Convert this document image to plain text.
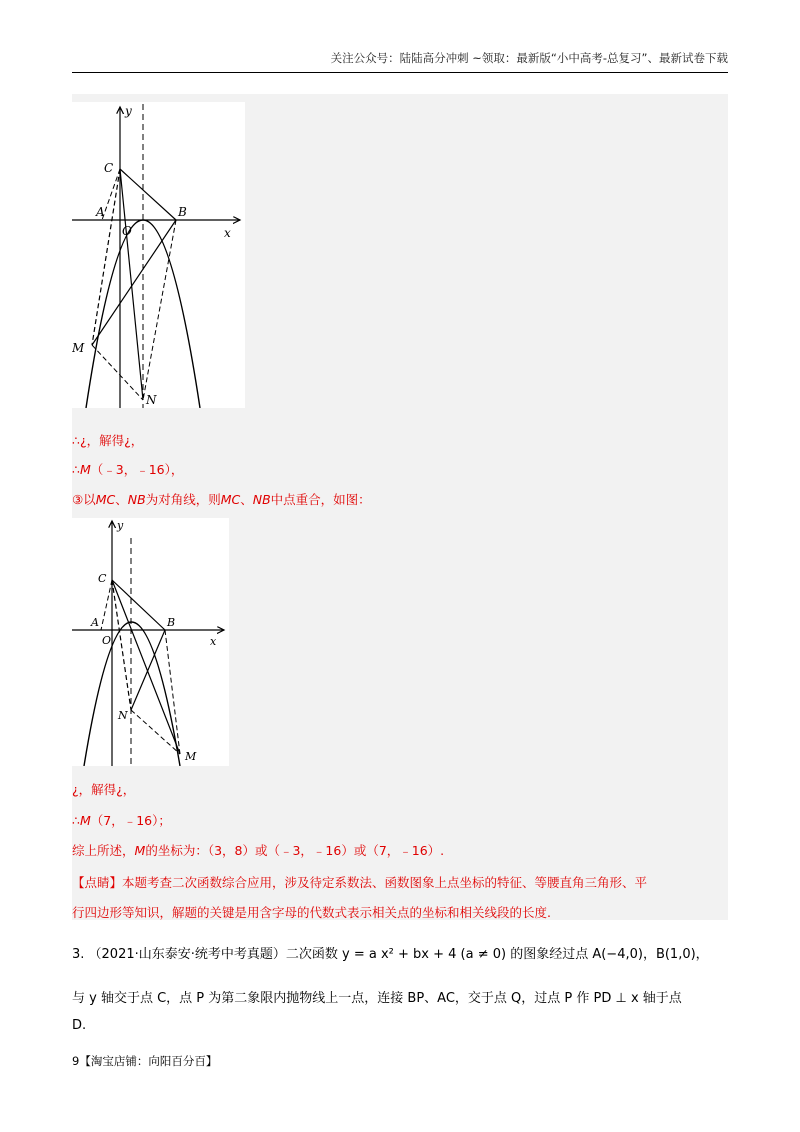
关注公众号：陆陆高分冲刺 ~领取：最新版“小中高考-总复习”、最新试卷下载
y
x
C
A
O
B
M
N
∴¿，解得¿，
∴M（﹣3，﹣16），
③以MC、NB为对角线，则MC、NB中点重合，如图：
y
x
C
A
O
B
N
M
¿，解得¿，
∴M（7，﹣16）；
综上所述，M的坐标为：（3，8）或（﹣3，﹣16）或（7，﹣16）.
【点睛】本题考查二次函数综合应用，涉及待定系数法、函数图象上点坐标的特征、等腰直角三角形、平
行四边形等知识，解题的关键是用含字母的代数式表示相关点的坐标和相关线段的长度.
3. （2021·山东泰安·统考中考真题）二次函数 y = a x² + bx + 4 (a ≠ 0) 的图象经过点 A(−4,0)，B(1,0)，
与 y 轴交于点 C，点 P 为第二象限内抛物线上一点，连接 BP、AC，交于点 Q，过点 P 作 PD ⊥ x 轴于点
D.
9【淘宝店铺：向阳百分百】
